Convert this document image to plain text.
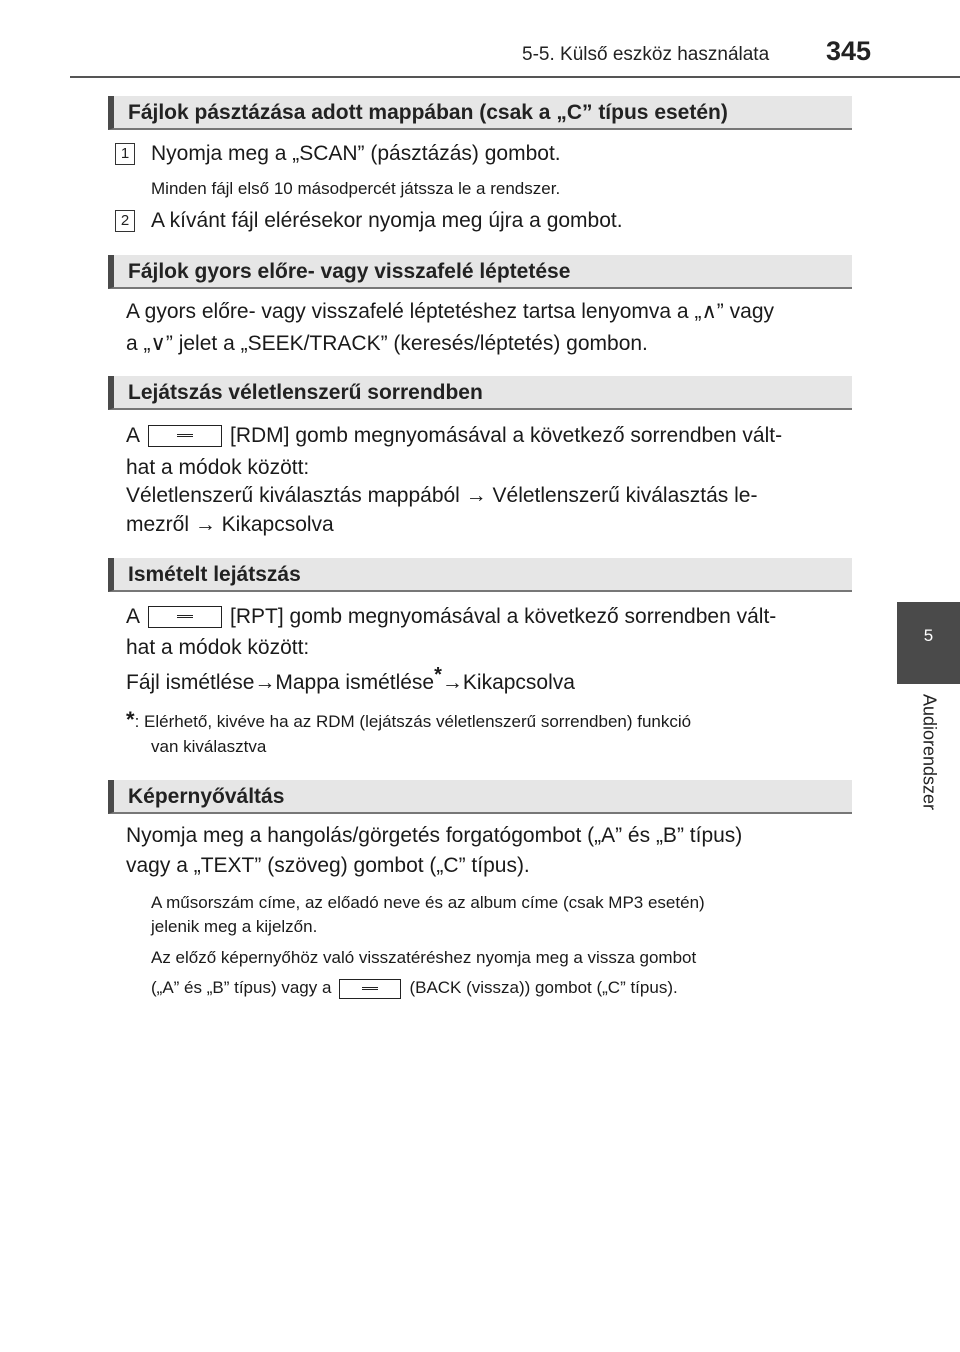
5-5. Külső eszköz használata 345
5
Audiorendszer
Fájlok pásztázása adott mappában (csak a „C” típus esetén)
1 Nyomja meg a „SCAN” (pásztázás) gombot.
Minden fájl első 10 másodpercét játssza le a rendszer.
2 A kívánt fájl elérésekor nyomja meg újra a gombot.
Fájlok gyors előre- vagy visszafelé léptetése
A gyors előre- vagy visszafelé léptetéshez tartsa lenyomva a „∧” vagy
a „∨” jelet a „SEEK/TRACK” (keresés/léptetés) gombon.
Lejátszás véletlenszerű sorrendben
A	[RDM] gomb megnyomásával a következő sorrendben vált-
hat a módok között:
Véletlenszerű kiválasztás mappából → Véletlenszerű kiválasztás le-
mezről → Kikapcsolva
Ismételt lejátszás
A	[RPT] gomb megnyomásával a következő sorrendben vált-
hat a módok között:
Fájl ismétlése→Mappa ismétlése*→Kikapcsolva
*: Elérhető, kivéve ha az RDM (lejátszás véletlenszerű sorrendben) funkció
van kiválasztva
Képernyőváltás
Nyomja meg a hangolás/görgetés forgatógombot („A” és „B” típus)
vagy a „TEXT” (szöveg) gombot („C” típus).
A műsorszám címe, az előadó neve és az album címe (csak MP3 esetén)
jelenik meg a kijelzőn.
Az előző képernyőhöz való visszatéréshez nyomja meg a vissza gombot
(„A” és „B” típus) vagy a	(BACK (vissza)) gombot („C” típus).
